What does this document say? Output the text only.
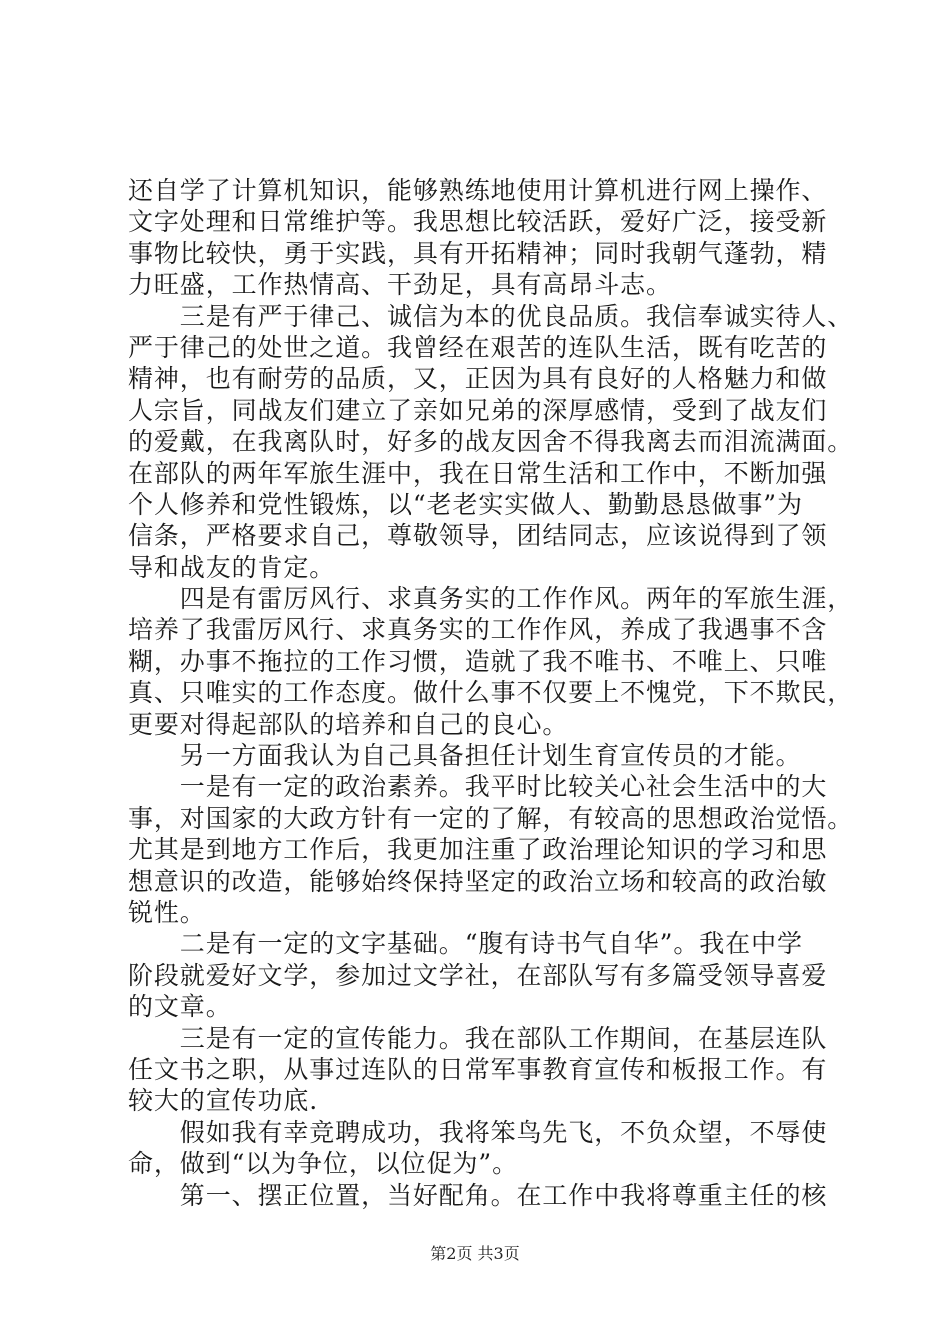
还自学了计算机知识，能够熟练地使用计算机进行网上操作、
文字处理和日常维护等。我思想比较活跃，爱好广泛，接受新
事物比较快，勇于实践，具有开拓精神；同时我朝气蓬勃，精
力旺盛，工作热情高、干劲足，具有高昂斗志。
　　三是有严于律己、诚信为本的优良品质。我信奉诚实待人、
严于律己的处世之道。我曾经在艰苦的连队生活，既有吃苦的
精神，也有耐劳的品质，又，正因为具有良好的人格魅力和做
人宗旨，同战友们建立了亲如兄弟的深厚感情，受到了战友们
的爱戴，在我离队时，好多的战友因舍不得我离去而泪流满面。
在部队的两年军旅生涯中，我在日常生活和工作中，不断加强
个人修养和党性锻炼，以“老老实实做人、勤勤恳恳做事”为
信条，严格要求自己，尊敬领导，团结同志，应该说得到了领
导和战友的肯定。
　　四是有雷厉风行、求真务实的工作作风。两年的军旅生涯，
培养了我雷厉风行、求真务实的工作作风，养成了我遇事不含
糊，办事不拖拉的工作习惯，造就了我不唯书、不唯上、只唯
真、只唯实的工作态度。做什么事不仅要上不愧党，下不欺民，
更要对得起部队的培养和自己的良心。
　　另一方面我认为自己具备担任计划生育宣传员的才能。
　　一是有一定的政治素养。我平时比较关心社会生活中的大
事，对国家的大政方针有一定的了解，有较高的思想政治觉悟。
尤其是到地方工作后，我更加注重了政治理论知识的学习和思
想意识的改造，能够始终保持坚定的政治立场和较高的政治敏
锐性。
　　二是有一定的文字基础。“腹有诗书气自华”。我在中学
阶段就爱好文学，参加过文学社，在部队写有多篇受领导喜爱
的文章。
　　三是有一定的宣传能力。我在部队工作期间，在基层连队
任文书之职，从事过连队的日常军事教育宣传和板报工作。有
较大的宣传功底.
　　假如我有幸竞聘成功，我将笨鸟先飞，不负众望，不辱使
命，做到“以为争位，以位促为”。
　　第一、摆正位置，当好配角。在工作中我将尊重主任的核
第2页 共3页
